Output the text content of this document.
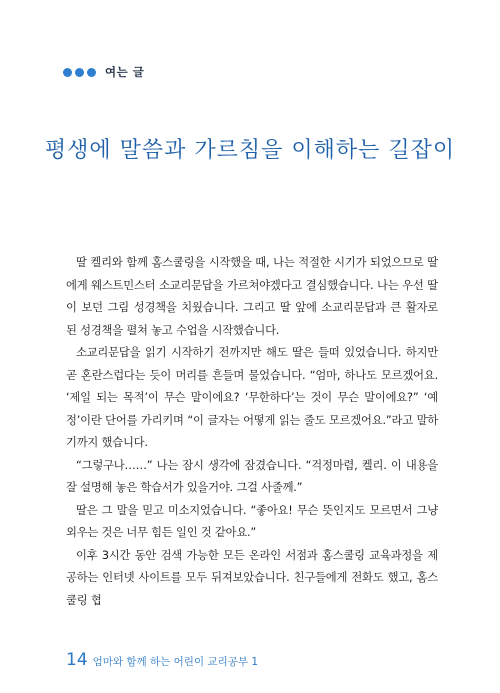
여는 글
평생에 말씀과 가르침을 이해하는 길잡이

딸 켈리와 함께 홈스쿨링을 시작했을 때, 나는 적절한 시기가 되었으므로 딸에게 웨스트민스터 소교리문답을 가르쳐야겠다고 결심했습니다. 나는 우선 딸이 보던 그림 성경책을 치웠습니다. 그리고 딸 앞에 소교리문답과 큰 활자로 된 성경책을 펼쳐 놓고 수업을 시작했습니다.

소교리문답을 읽기 시작하기 전까지만 해도 딸은 들떠 있었습니다. 하지만 곧 혼란스럽다는 듯이 머리를 흔들며 물었습니다. “엄마, 하나도 모르겠어요. ‘제일 되는 목적’이 무슨 말이에요? ‘무한하다’는 것이 무슨 말이에요?” ‘예정’이란 단어를 가리키며 “이 글자는 어떻게 읽는 줄도 모르겠어요.”라고 말하기까지 했습니다.

“그렇구나……” 나는 잠시 생각에 잠겼습니다. “걱정마렴, 켈리. 이 내용을 잘 설명해 놓은 학습서가 있을거야. 그걸 사줄께.”

딸은 그 말을 믿고 미소지었습니다. “좋아요! 무슨 뜻인지도 모르면서 그냥 외우는 것은 너무 힘든 일인 것 같아요.”

이후 3시간 동안 검색 가능한 모든 온라인 서점과 홈스쿨링 교육과정을 제공하는 인터넷 사이트를 모두 뒤져보았습니다. 친구들에게 전화도 했고, 홈스쿨링 협

14 엄마와 함께 하는 어린이 교리공부 1
